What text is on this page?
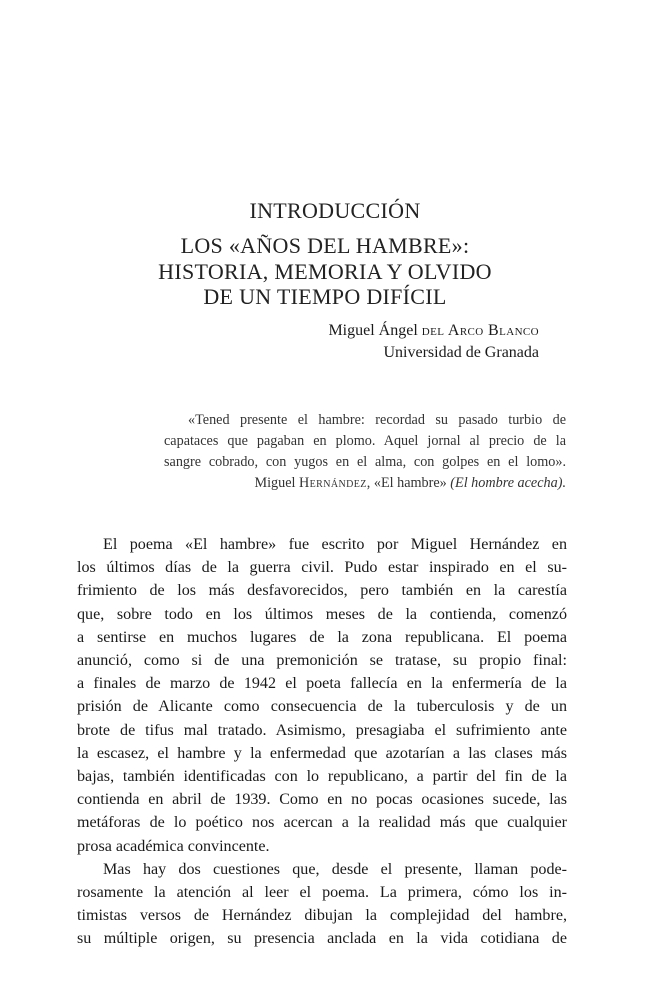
INTRODUCCIÓN
LOS «AÑOS DEL HAMBRE»:
HISTORIA, MEMORIA Y OLVIDO
DE UN TIEMPO DIFÍCIL
Miguel Ángel del Arco Blanco
Universidad de Granada
«Tened presente el hambre: recordad su pasado turbio de
capataces que pagaban en plomo. Aquel jornal al precio de la
sangre cobrado, con yugos en el alma, con golpes en el lomo».
Miguel Hernández, «El hambre» (El hombre acecha).
El poema «El hambre» fue escrito por Miguel Hernández en
los últimos días de la guerra civil. Pudo estar inspirado en el su-
frimiento de los más desfavorecidos, pero también en la carestía
que, sobre todo en los últimos meses de la contienda, comenzó
a sentirse en muchos lugares de la zona republicana. El poema
anunció, como si de una premonición se tratase, su propio final:
a finales de marzo de 1942 el poeta fallecía en la enfermería de la
prisión de Alicante como consecuencia de la tuberculosis y de un
brote de tifus mal tratado. Asimismo, presagiaba el sufrimiento ante
la escasez, el hambre y la enfermedad que azotarían a las clases más
bajas, también identificadas con lo republicano, a partir del fin de la
contienda en abril de 1939. Como en no pocas ocasiones sucede, las
metáforas de lo poético nos acercan a la realidad más que cualquier
prosa académica convincente.
Mas hay dos cuestiones que, desde el presente, llaman pode-
rosamente la atención al leer el poema. La primera, cómo los in-
timistas versos de Hernández dibujan la complejidad del hambre,
su múltiple origen, su presencia anclada en la vida cotidiana de
